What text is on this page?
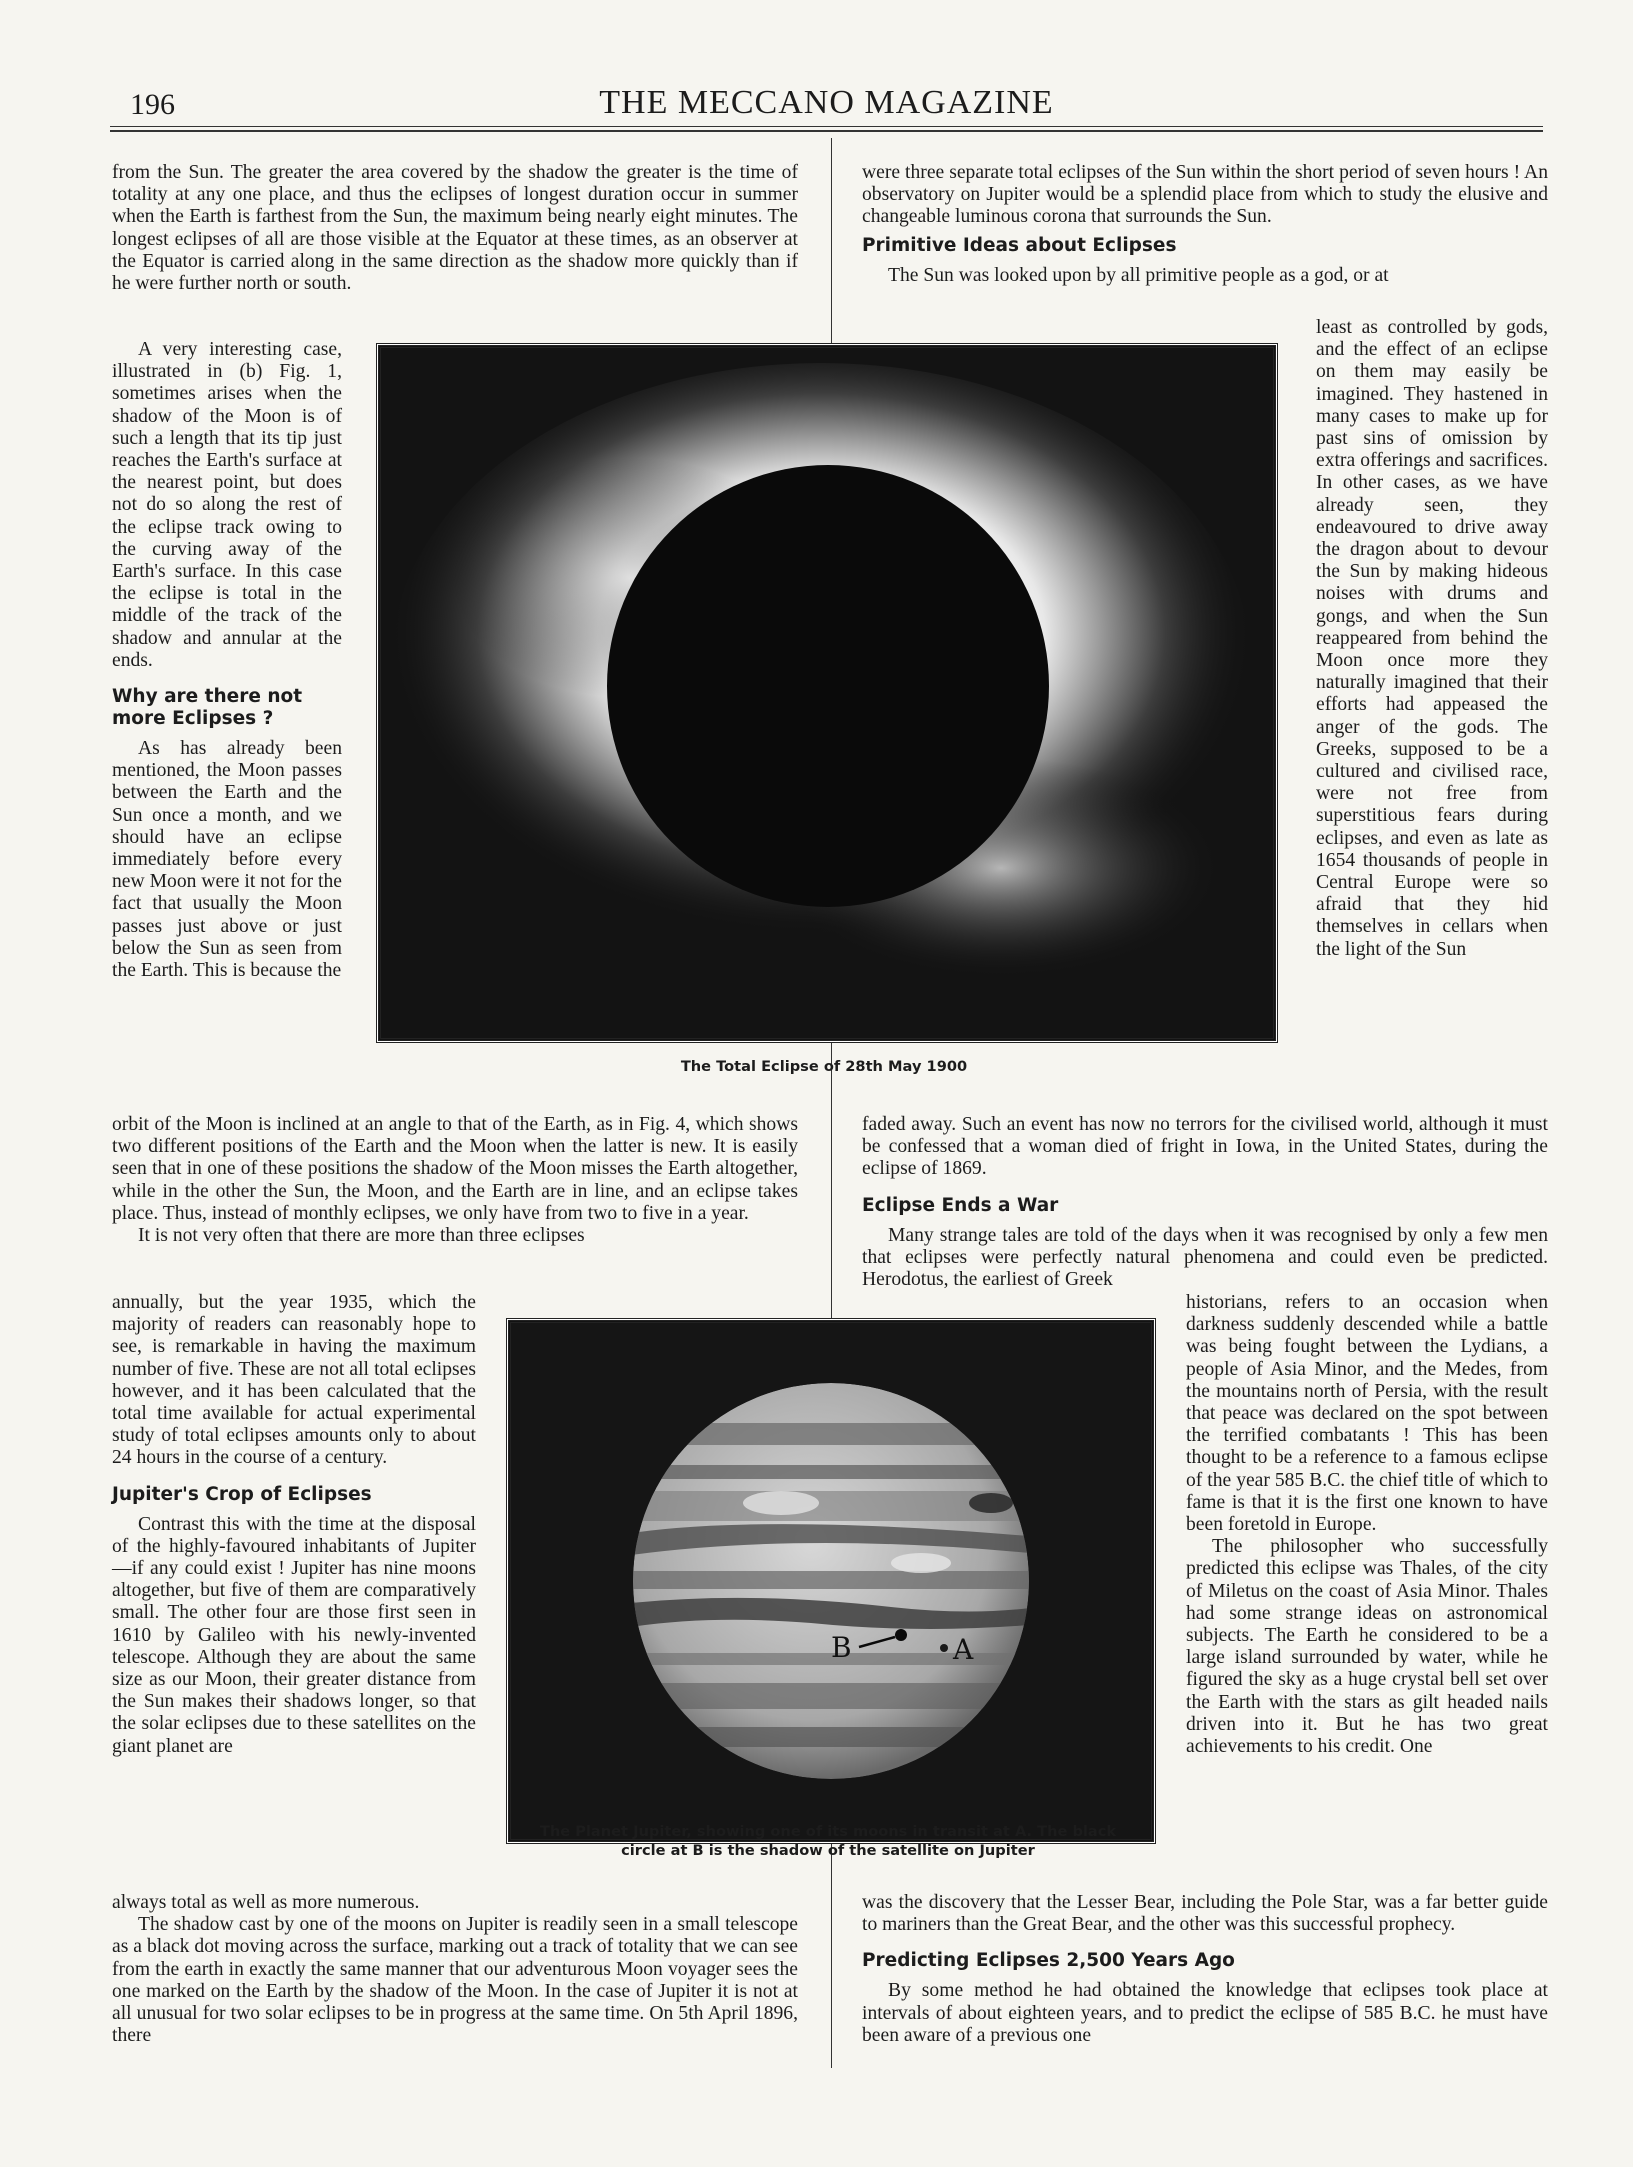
196	THE MECCANO MAGAZINE

from the Sun. The greater the area covered by the shadow the greater is the time of totality at any one place, and thus the eclipses of longest duration occur in summer when the Earth is farthest from the Sun, the maximum being nearly eight minutes. The longest eclipses of all are those visible at the Equator at these times, as an observer at the Equator is carried along in the same direction as the shadow more quickly than if he were further north or south.

A very interesting case, illustrated in (b) Fig. 1, sometimes arises when the shadow of the Moon is of such a length that its tip just reaches the Earth's surface at the nearest point, but does not do so along the rest of the eclipse track owing to the curving away of the Earth's surface. In this case the eclipse is total in the middle of the track of the shadow and annular at the ends.

Why are there not more Eclipses ?

As has already been mentioned, the Moon passes between the Earth and the Sun once a month, and we should have an eclipse immediately before every new Moon were it not for the fact that usually the Moon passes just above or just below the Sun as seen from the Earth. This is because the

orbit of the Moon is inclined at an angle to that of the Earth, as in Fig. 4, which shows two different positions of the Earth and the Moon when the latter is new. It is easily seen that in one of these positions the shadow of the Moon misses the Earth altogether, while in the other the Sun, the Moon, and the Earth are in line, and an eclipse takes place. Thus, instead of monthly eclipses, we only have from two to five in a year.

It is not very often that there are more than three eclipses

annually, but the year 1935, which the majority of readers can reasonably hope to see, is remarkable in having the maximum number of five. These are not all total eclipses however, and it has been calculated that the total time available for actual experimental study of total eclipses amounts only to about 24 hours in the course of a century.

Jupiter's Crop of Eclipses

Contrast this with the time at the disposal of the highly-favoured inhabitants of Jupiter—if any could exist ! Jupiter has nine moons altogether, but five of them are comparatively small. The other four are those first seen in 1610 by Galileo with his newly-invented telescope. Although they are about the same size as our Moon, their greater distance from the Sun makes their shadows longer, so that the solar eclipses due to these satellites on the giant planet are

always total as well as more numerous.

The shadow cast by one of the moons on Jupiter is readily seen in a small telescope as a black dot moving across the surface, marking out a track of totality that we can see from the earth in exactly the same manner that our adventurous Moon voyager sees the one marked on the Earth by the shadow of the Moon. In the case of Jupiter it is not at all unusual for two solar eclipses to be in progress at the same time. On 5th April 1896, there

were three separate total eclipses of the Sun within the short period of seven hours ! An observatory on Jupiter would be a splendid place from which to study the elusive and changeable luminous corona that surrounds the Sun.

Primitive Ideas about Eclipses

The Sun was looked upon by all primitive people as a god, or at

least as controlled by gods, and the effect of an eclipse on them may easily be imagined. They hastened in many cases to make up for past sins of omission by extra offerings and sacrifices. In other cases, as we have already seen, they endeavoured to drive away the dragon about to devour the Sun by making hideous noises with drums and gongs, and when the Sun reappeared from behind the Moon once more they naturally imagined that their efforts had appeased the anger of the gods. The Greeks, supposed to be a cultured and civilised race, were not free from superstitious fears during eclipses, and even as late as 1654 thousands of people in Central Europe were so afraid that they hid themselves in cellars when the light of the Sun

faded away. Such an event has now no terrors for the civilised world, although it must be confessed that a woman died of fright in Iowa, in the United States, during the eclipse of 1869.

Eclipse Ends a War

Many strange tales are told of the days when it was recognised by only a few men that eclipses were perfectly natural phenomena and could even be predicted. Herodotus, the earliest of Greek

historians, refers to an occasion when darkness suddenly descended while a battle was being fought between the Lydians, a people of Asia Minor, and the Medes, from the mountains north of Persia, with the result that peace was declared on the spot between the terrified combatants ! This has been thought to be a reference to a famous eclipse of the year 585 B.C. the chief title of which to fame is that it is the first one known to have been foretold in Europe.

The philosopher who successfully predicted this eclipse was Thales, of the city of Miletus on the coast of Asia Minor. Thales had some strange ideas on astronomical subjects. The Earth he considered to be a large island surrounded by water, while he figured the sky as a huge crystal bell set over the Earth with the stars as gilt headed nails driven into it. But he has two great achievements to his credit. One

was the discovery that the Lesser Bear, including the Pole Star, was a far better guide to mariners than the Great Bear, and the other was this successful prophecy.

Predicting Eclipses 2,500 Years Ago

By some method he had obtained the knowledge that eclipses took place at intervals of about eighteen years, and to predict the eclipse of 585 B.C. he must have been aware of a previous one

The Total Eclipse of 28th May 1900
B	A
The Planet Jupiter, showing one of its moons in transit at A. The black
circle at B is the shadow of the satellite on Jupiter
